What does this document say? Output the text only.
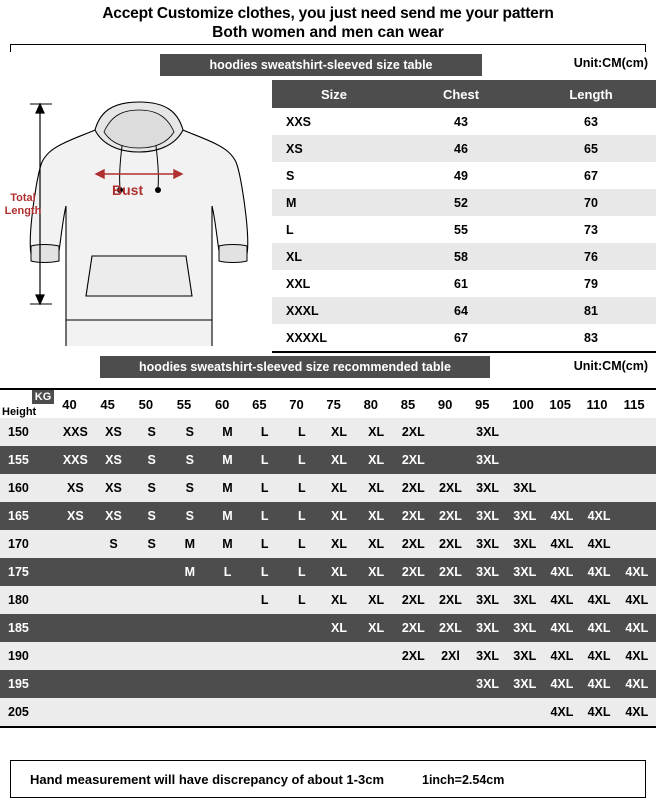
Accept Customize clothes, you just need send me your pattern
Both women and men can wear
hoodies sweatshirt-sleeved size table	Unit:CM(cm)
Total
Length
Bust
Size	Chest	Length
XXS	43	63
XS	46	65
S	49	67
M	52	70
L	55	73
XL	58	76
XXL	61	79
XXXL	64	81
XXXXL	67	83
hoodies sweatshirt-sleeved size recommended table	Unit:CM(cm)
KG
Height	40	45	50	55	60	65	70	75	80	85	90	95	100	105	110	115
150	XXS	XS	S	S	M	L	L	XL	XL	2XL		3XL				
155	XXS	XS	S	S	M	L	L	XL	XL	2XL		3XL				
160	XS	XS	S	S	M	L	L	XL	XL	2XL	2XL	3XL	3XL			
165	XS	XS	S	S	M	L	L	XL	XL	2XL	2XL	3XL	3XL	4XL	4XL	
170		S	S	M	M	L	L	XL	XL	2XL	2XL	3XL	3XL	4XL	4XL	
175				M	L	L	L	XL	XL	2XL	2XL	3XL	3XL	4XL	4XL	4XL
180						L	L	XL	XL	2XL	2XL	3XL	3XL	4XL	4XL	4XL
185								XL	XL	2XL	2XL	3XL	3XL	4XL	4XL	4XL
190										2XL	2Xl	3XL	3XL	4XL	4XL	4XL
195												3XL	3XL	4XL	4XL	4XL
205														4XL	4XL	4XL
Hand measurement will have discrepancy of about 1-3cm	1inch=2.54cm
